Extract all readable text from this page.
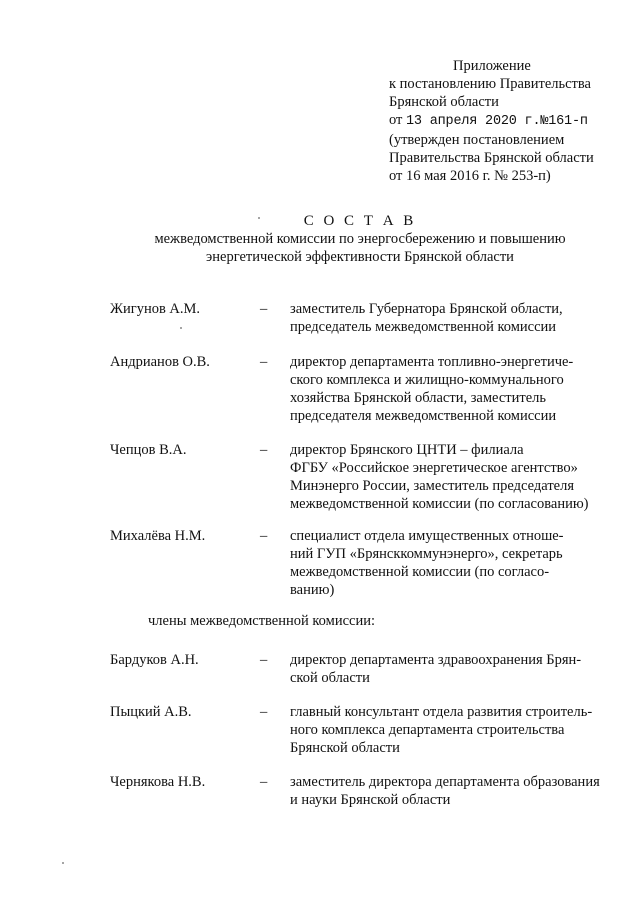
Приложение
к постановлению Правительства
Брянской области
от 13 апреля 2020 г.№161-п
(утвержден постановлением
Правительства Брянской области
от 16 мая 2016 г. № 253-п)
С О С Т А В
межведомственной комиссии по энергосбережению и повышению
энергетической эффективности Брянской области
Жигунов А.М.	– заместитель Губернатора Брянской области,
председатель межведомственной комиссии
Андрианов О.В.	– директор департамента топливно-энергетиче-
ского комплекса и жилищно-коммунального
хозяйства Брянской области, заместитель
председателя межведомственной комиссии
Чепцов В.А.	– директор Брянского ЦНТИ – филиала
ФГБУ «Российское энергетическое агентство»
Минэнерго России, заместитель председателя
межведомственной комиссии (по согласованию)
Михалёва Н.М.	– специалист отдела имущественных отноше-
ний ГУП «Брянсккоммунэнерго», секретарь
межведомственной комиссии (по согласо-
ванию)
члены межведомственной комиссии:
Бардуков А.Н.	– директор департамента здравоохранения Брян-
ской области
Пыцкий А.В.	– главный консультант отдела развития строитель-
ного комплекса департамента строительства
Брянской области
Чернякова Н.В.	– заместитель директора департамента образования
и науки Брянской области
